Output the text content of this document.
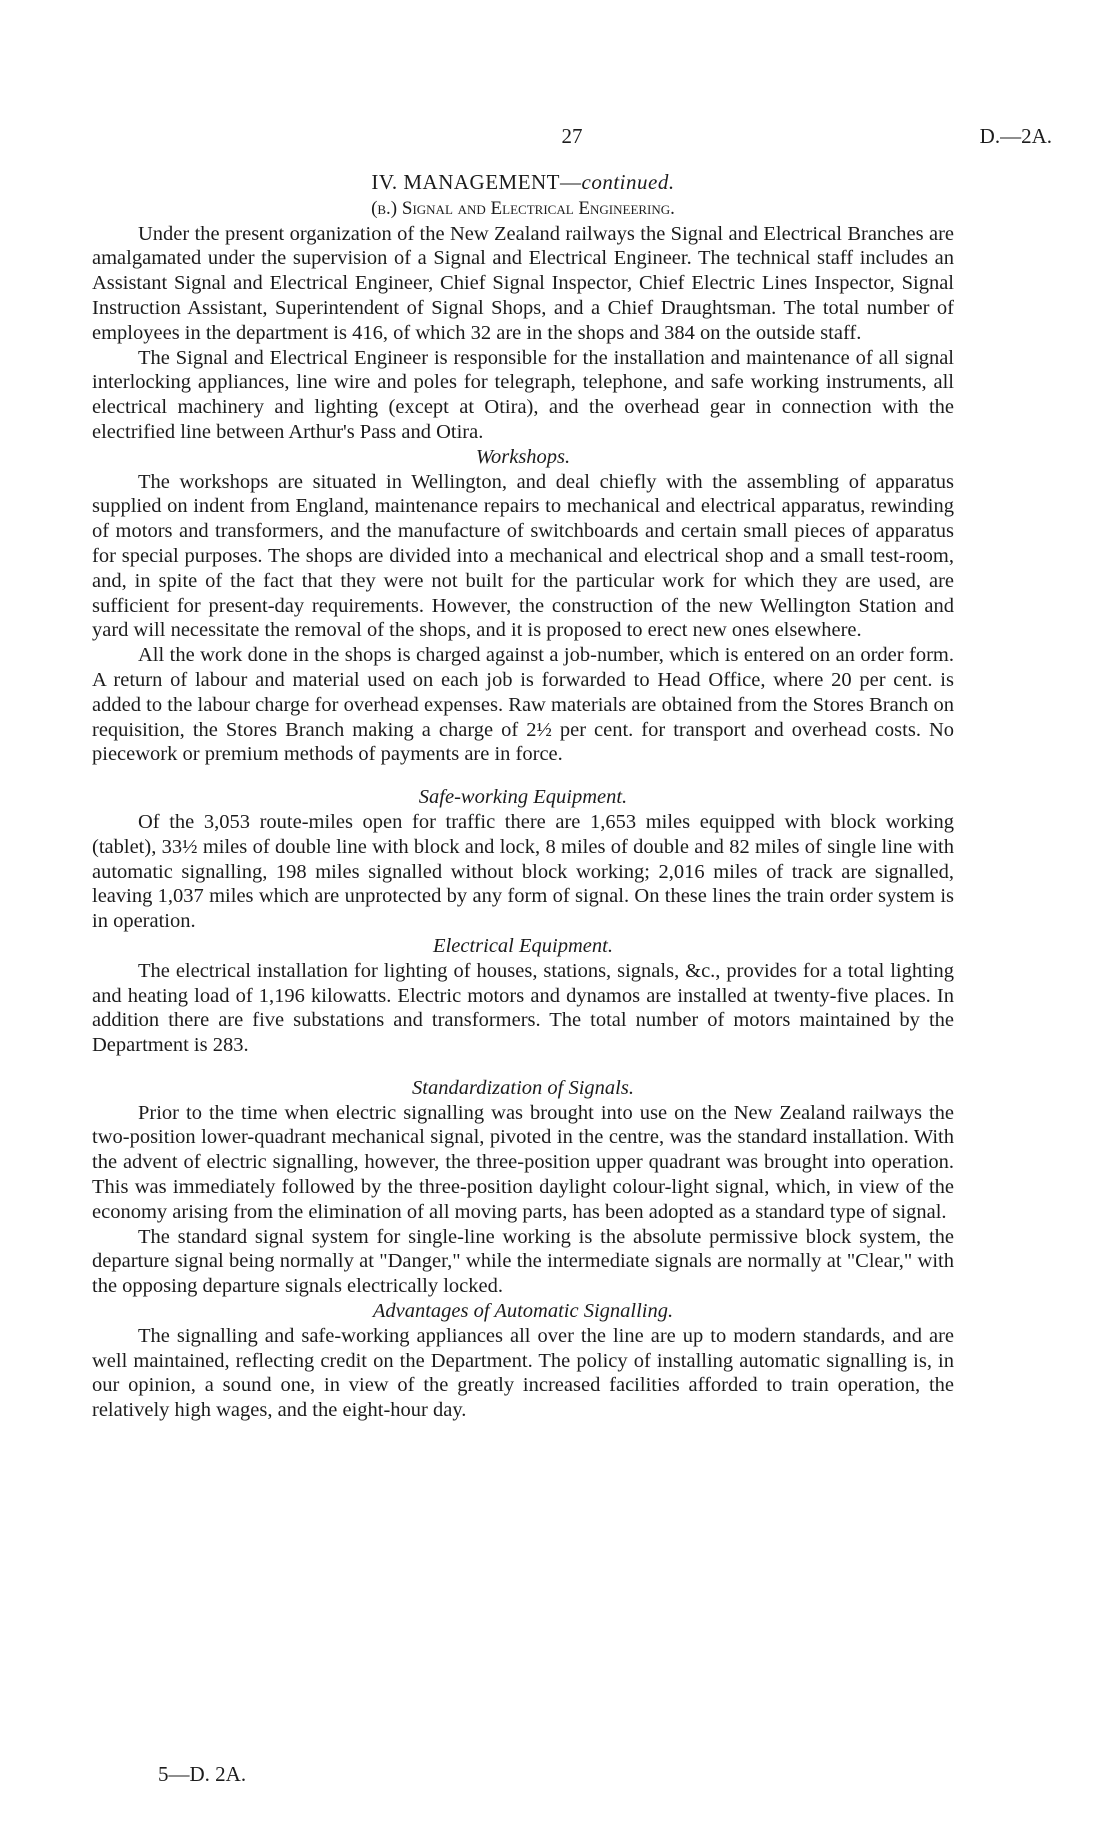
27	D.—2A.
IV. MANAGEMENT—continued.
(b.) Signal and Electrical Engineering.

Under the present organization of the New Zealand railways the Signal and Electrical Branches are amalgamated under the supervision of a Signal and Electrical Engineer. The technical staff includes an Assistant Signal and Electrical Engineer, Chief Signal Inspector, Chief Electric Lines Inspector, Signal Instruction Assistant, Superintendent of Signal Shops, and a Chief Draughtsman. The total number of employees in the department is 416, of which 32 are in the shops and 384 on the outside staff.

The Signal and Electrical Engineer is responsible for the installation and maintenance of all signal interlocking appliances, line wire and poles for telegraph, telephone, and safe working instruments, all electrical machinery and lighting (except at Otira), and the overhead gear in connection with the electrified line between Arthur's Pass and Otira.

Workshops.

The workshops are situated in Wellington, and deal chiefly with the assembling of apparatus supplied on indent from England, maintenance repairs to mechanical and electrical apparatus, rewinding of motors and transformers, and the manufacture of switchboards and certain small pieces of apparatus for special purposes. The shops are divided into a mechanical and electrical shop and a small test-room, and, in spite of the fact that they were not built for the particular work for which they are used, are sufficient for present-day requirements. However, the construction of the new Wellington Station and yard will necessitate the removal of the shops, and it is proposed to erect new ones elsewhere.

All the work done in the shops is charged against a job-number, which is entered on an order form. A return of labour and material used on each job is forwarded to Head Office, where 20 per cent. is added to the labour charge for overhead expenses. Raw materials are obtained from the Stores Branch on requisition, the Stores Branch making a charge of 2½ per cent. for transport and overhead costs. No piecework or premium methods of payments are in force.

Safe-working Equipment.

Of the 3,053 route-miles open for traffic there are 1,653 miles equipped with block working (tablet), 33½ miles of double line with block and lock, 8 miles of double and 82 miles of single line with automatic signalling, 198 miles signalled without block working; 2,016 miles of track are signalled, leaving 1,037 miles which are unprotected by any form of signal. On these lines the train order system is in operation.

Electrical Equipment.

The electrical installation for lighting of houses, stations, signals, &c., provides for a total lighting and heating load of 1,196 kilowatts. Electric motors and dynamos are installed at twenty-five places. In addition there are five substations and transformers. The total number of motors maintained by the Department is 283.

Standardization of Signals.

Prior to the time when electric signalling was brought into use on the New Zealand railways the two-position lower-quadrant mechanical signal, pivoted in the centre, was the standard installation. With the advent of electric signalling, however, the three-position upper quadrant was brought into operation. This was immediately followed by the three-position daylight colour-light signal, which, in view of the economy arising from the elimination of all moving parts, has been adopted as a standard type of signal.

The standard signal system for single-line working is the absolute permissive block system, the departure signal being normally at "Danger," while the intermediate signals are normally at "Clear," with the opposing departure signals electrically locked.

Advantages of Automatic Signalling.

The signalling and safe-working appliances all over the line are up to modern standards, and are well maintained, reflecting credit on the Department. The policy of installing automatic signalling is, in our opinion, a sound one, in view of the greatly increased facilities afforded to train operation, the relatively high wages, and the eight-hour day.

5—D. 2A.
